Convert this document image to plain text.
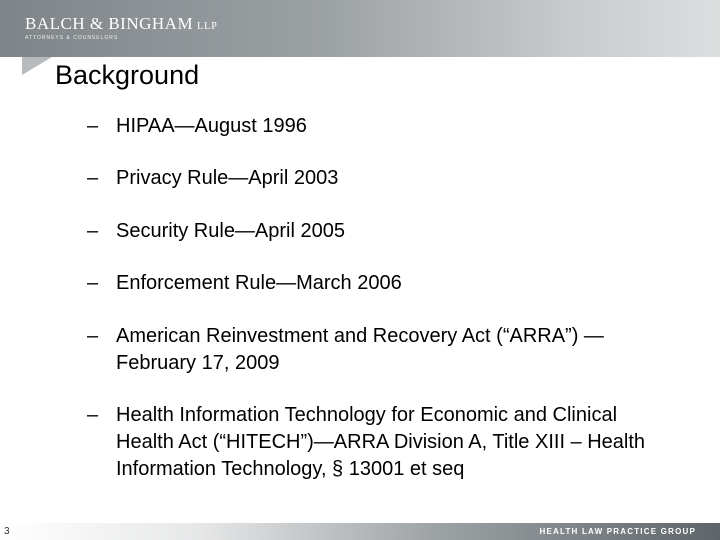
BALCH & BINGHAM LLP
ATTORNEYS & COUNSELORS
Background
– HIPAA—August 1996
– Privacy Rule—April 2003
– Security Rule—April 2005
– Enforcement Rule—March 2006
– American Reinvestment and Recovery Act (“ARRA”) —February 17, 2009
– Health Information Technology for Economic and Clinical Health Act (“HITECH”)—ARRA Division A, Title XIII – Health Information Technology, § 13001 et seq
3	HEALTH LAW PRACTICE GROUP
